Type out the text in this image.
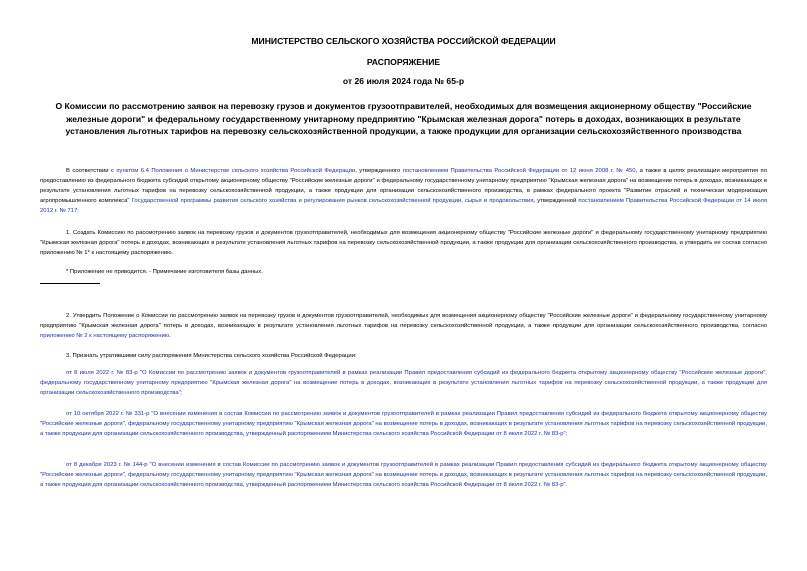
МИНИСТЕРСТВО СЕЛЬСКОГО ХОЗЯЙСТВА РОССИЙСКОЙ ФЕДЕРАЦИИ
РАСПОРЯЖЕНИЕ
от 26 июля 2024 года № 65-р
О Комиссии по рассмотрению заявок на перевозку грузов и документов грузоотправителей, необходимых для возмещения акционерному обществу "Российские железные дороги" и федеральному государственному унитарному предприятию "Крымская железная дорога" потерь в доходах, возникающих в результате установления льготных тарифов на перевозку сельскохозяйственной продукции, а также продукции для организации сельскохозяйственного производства

В соответствии с пунктом 6.4 Положения о Министерстве сельского хозяйства Российской Федерации, утвержденного постановлением Правительства Российской Федерации от 12 июня 2008 г. № 450, а также в целях реализации мероприятия по предоставлению из федерального бюджета субсидий открытому акционерному обществу "Российские железные дороги" и федеральному государственному унитарному предприятию "Крымская железная дорога" на возмещение потерь в доходах, возникающих в результате установления льготных тарифов на перевозку сельскохозяйственной продукции, а также продукции для организации сельскохозяйственного производства, в рамках федерального проекта "Развитие отраслей и техническая модернизация агропромышленного комплекса" Государственной программы развития сельского хозяйства и регулирования рынков сельскохозяйственной продукции, сырья и продовольствия, утвержденной постановлением Правительства Российской Федерации от 14 июля 2012 г. № 717:

1. Создать Комиссию по рассмотрению заявок на перевозку грузов и документов грузоотправителей, необходимых для возмещения акционерному обществу "Российские железные дороги" и федеральному государственному унитарному предприятию "Крымская железная дорога" потерь в доходах, возникающих в результате установления льготных тарифов на перевозку сельскохозяйственной продукции, а также продукции для организации сельскохозяйственного производства, и утвердить ее состав согласно приложению № 1* к настоящему распоряжению.

* Приложение не приводится. - Примечание изготовителя базы данных.

2. Утвердить Положение о Комиссии по рассмотрению заявок на перевозку грузов и документов грузоотправителей, необходимых для возмещения акционерному обществу "Российские железные дороги" и федеральному государственному унитарному предприятию "Крымская железная дорога" потерь в доходах, возникающих в результате установления льготных тарифов на перевозку сельскохозяйственной продукции, а также продукции для организации сельскохозяйственного производства, согласно приложению № 2 к настоящему распоряжению.

3. Признать утратившими силу распоряжения Министерства сельского хозяйства Российской Федерации:

от 8 июля 2022 г. № 83-р "О Комиссии по рассмотрению заявок и документов грузоотправителей в рамках реализации Правил предоставления субсидий из федерального бюджета открытому акционерному обществу "Российские железные дороги", федеральному государственному унитарному предприятию "Крымская железная дорога" на возмещение потерь в доходах, возникающих в результате установления льготных тарифов на перевозку сельскохозяйственной продукции, а также продукции для организации сельскохозяйственного производства";

от 10 октября 2022 г. № 331-р "О внесении изменения в состав Комиссии по рассмотрению заявок и документов грузоотправителей в рамках реализации Правил предоставления субсидий из федерального бюджета открытому акционерному обществу "Российские железные дороги", федеральному государственному унитарному предприятию "Крымская железная дорога" на возмещение потерь в доходах, возникающих в результате установления льготных тарифов на перевозку сельскохозяйственной продукции, а также продукции для организации сельскохозяйственного производства, утвержденный распоряжением Министерства сельского хозяйства Российской Федерации от 8 июля 2022 г. № 83-р";

от 8 декабря 2023 г. № 144-р "О внесении изменения в состав Комиссии по рассмотрению заявок и документов грузоотправителей в рамках реализации Правил предоставления субсидий из федерального бюджета открытому акционерному обществу "Российские железные дороги", федеральному государственному унитарному предприятию "Крымская железная дорога" на возмещение потерь в доходах, возникающих в результате установления льготных тарифов на перевозку сельскохозяйственной продукции, а также продукции для организации сельскохозяйственного производства, утвержденный распоряжением Министерства сельского хозяйства Российской Федерации от 8 июля 2022 г. № 83-р".
